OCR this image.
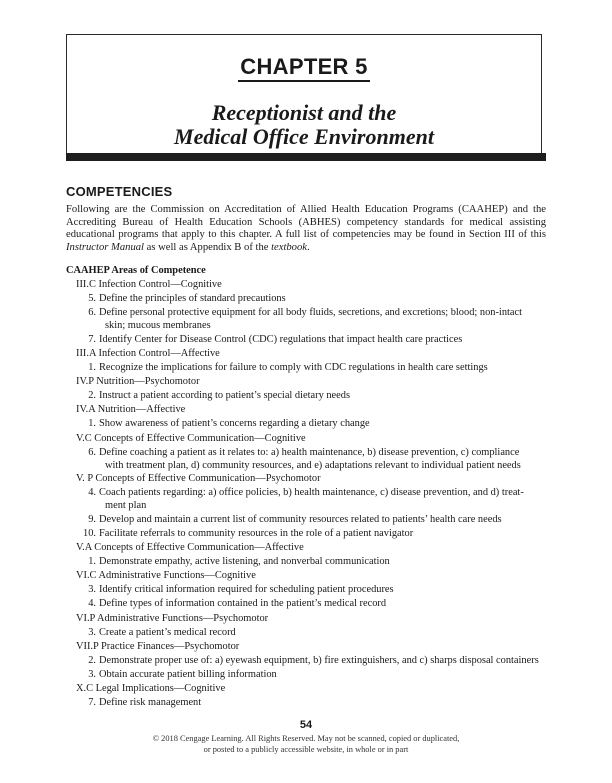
CHAPTER 5
Receptionist and the
Medical Office Environment
COMPETENCIES
Following are the Commission on Accreditation of Allied Health Education Programs (CAAHEP) and the Accrediting Bureau of Health Education Schools (ABHES) competency standards for medical assisting educational programs that apply to this chapter. A full list of competencies may be found in Section III of this Instructor Manual as well as Appendix B of the textbook.
CAAHEP Areas of Competence
III.C Infection Control—Cognitive
5. Define the principles of standard precautions
6. Define personal protective equipment for all body fluids, secretions, and excretions; blood; non-intact
skin; mucous membranes
7. Identify Center for Disease Control (CDC) regulations that impact health care practices
III.A Infection Control—Affective
1. Recognize the implications for failure to comply with CDC regulations in health care settings
IV.P Nutrition—Psychomotor
2. Instruct a patient according to patient’s special dietary needs
IV.A Nutrition—Affective
1. Show awareness of patient’s concerns regarding a dietary change
V.C Concepts of Effective Communication—Cognitive
6. Define coaching a patient as it relates to: a) health maintenance, b) disease prevention, c) compliance
with treatment plan, d) community resources, and e) adaptations relevant to individual patient needs
V. P Concepts of Effective Communication—Psychomotor
4. Coach patients regarding: a) office policies, b) health maintenance, c) disease prevention, and d) treat-
ment plan
9. Develop and maintain a current list of community resources related to patients’ health care needs
10. Facilitate referrals to community resources in the role of a patient navigator
V.A Concepts of Effective Communication—Affective
1. Demonstrate empathy, active listening, and nonverbal communication
VI.C Administrative Functions—Cognitive
3. Identify critical information required for scheduling patient procedures
4. Define types of information contained in the patient’s medical record
VI.P Administrative Functions—Psychomotor
3. Create a patient’s medical record
VII.P Practice Finances—Psychomotor
2. Demonstrate proper use of: a) eyewash equipment, b) fire extinguishers, and c) sharps disposal containers
3. Obtain accurate patient billing information
X.C Legal Implications—Cognitive
7. Define risk management
54
© 2018 Cengage Learning. All Rights Reserved. May not be scanned, copied or duplicated,
or posted to a publicly accessible website, in whole or in part
